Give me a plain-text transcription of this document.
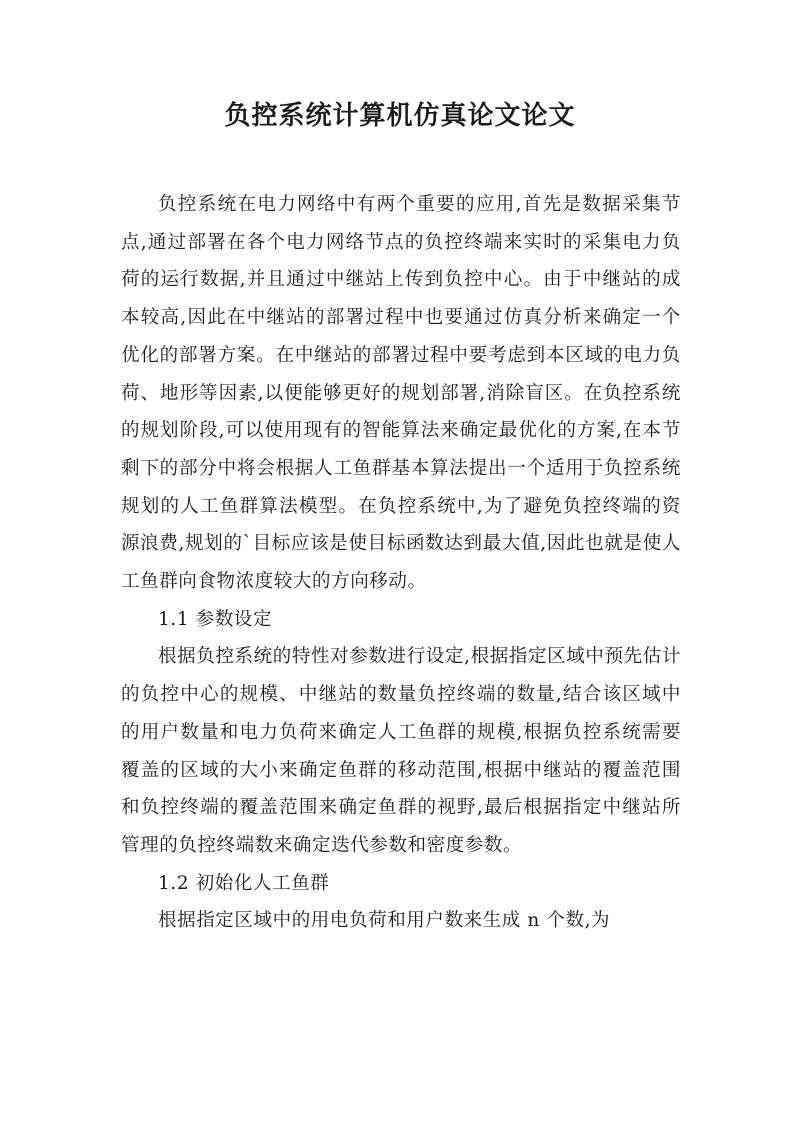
负控系统计算机仿真论文论文

负控系统在电力网络中有两个重要的应用,首先是数据采集节点,通过部署在各个电力网络节点的负控终端来实时的采集电力负荷的运行数据,并且通过中继站上传到负控中心。由于中继站的成本较高,因此在中继站的部署过程中也要通过仿真分析来确定一个优化的部署方案。在中继站的部署过程中要考虑到本区域的电力负荷、地形等因素,以便能够更好的规划部署,消除盲区。在负控系统的规划阶段,可以使用现有的智能算法来确定最优化的方案,在本节剩下的部分中将会根据人工鱼群基本算法提出一个适用于负控系统规划的人工鱼群算法模型。在负控系统中,为了避免负控终端的资源浪费,规划的`目标应该是使目标函数达到最大值,因此也就是使人工鱼群向食物浓度较大的方向移动。

1.1 参数设定

根据负控系统的特性对参数进行设定,根据指定区域中预先估计的负控中心的规模、中继站的数量负控终端的数量,结合该区域中的用户数量和电力负荷来确定人工鱼群的规模,根据负控系统需要覆盖的区域的大小来确定鱼群的移动范围,根据中继站的覆盖范围和负控终端的覆盖范围来确定鱼群的视野,最后根据指定中继站所管理的负控终端数来确定迭代参数和密度参数。

1.2 初始化人工鱼群

根据指定区域中的用电负荷和用户数来生成 n 个数,为
